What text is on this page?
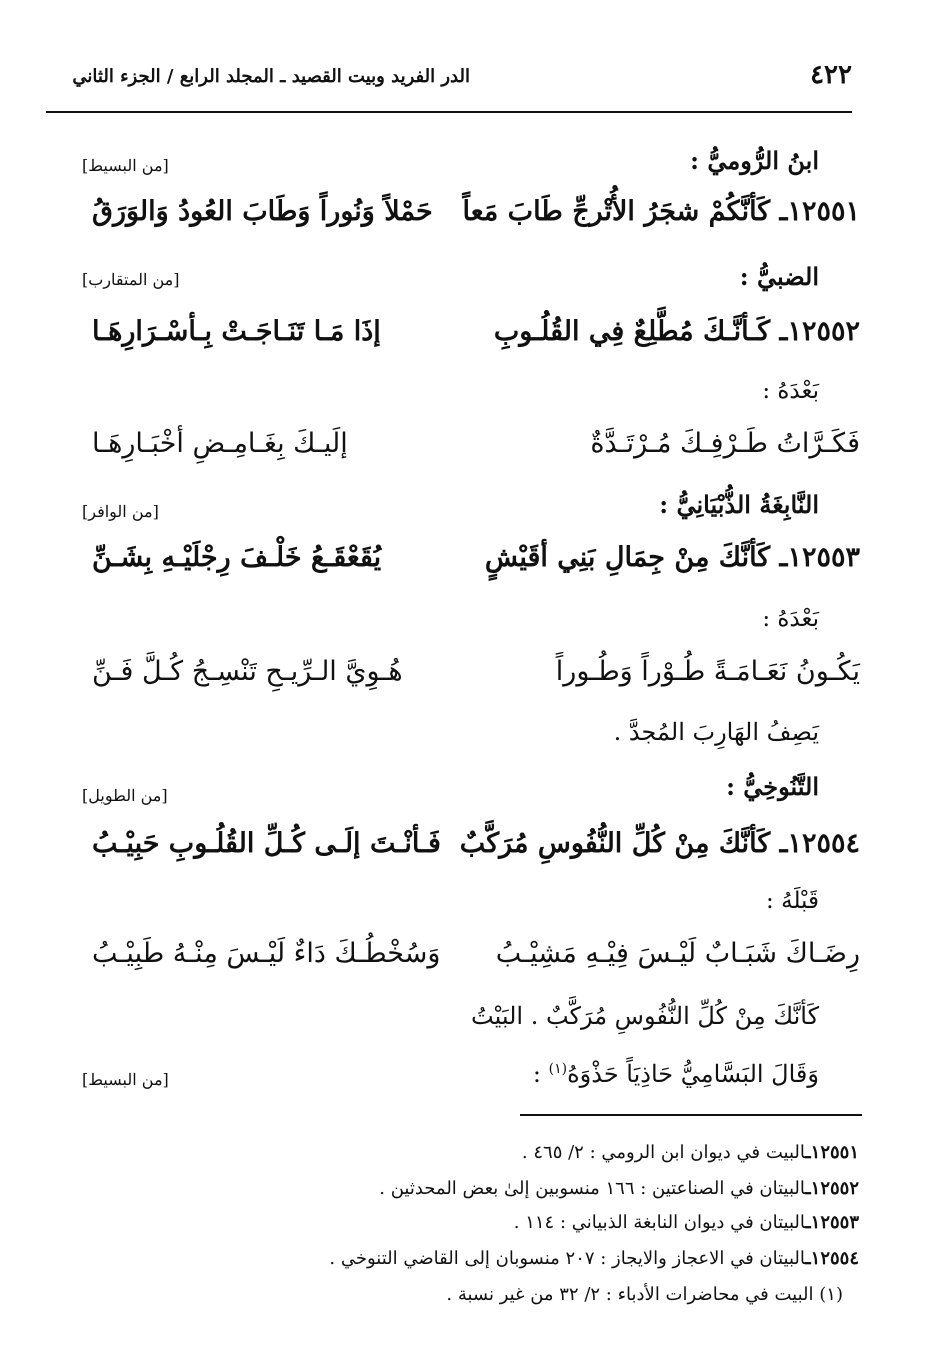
٤٢٢
الدر الفريد وبيت القصيد ـ المجلد الرابع / الجزء الثاني
ابنُ الرُّوميُّ :
[من البسيط]
١٢٥٥١ـ كَأنَّكُمْ شجَرُ الأُتْرجِّ طَابَ مَعاً
حَمْلاً وَنُوراً وَطَابَ العُودُ وَالوَرَقُ
الضبيُّ :
[من المتقارب]
١٢٥٥٢ـ كَـأنَّـكَ مُطَّلِعٌ فِي القُلُـوبِ
إذَا مَـا تَنَـاجَـتْ بِـأسْـرَارِهَـا
بَعْدَهُ :
فَكَـرَّاتُ طَـرْفِـكَ مُـرْتَـدَّةٌ
إلَيـكَ بِغَـامِـضِ أخْبَـارِهَـا
النَّابِغَةُ الذُّبْيَانِيُّ :
[من الوافر]
١٢٥٥٣ـ كَأنَّكَ مِنْ جِمَالِ بَنِي أقَيْشٍ
يُقَعْقَـعُ خَلْـفَ رِجْلَيْـهِ بِشَـنِّ
بَعْدَهُ :
يَكُـونُ نَعَـامَـةً طُـوْراً وَطُـوراً
هُـوِيَّ الـرِّيـحِ تَنْسِـجُ كُـلَّ فَـنِّ
يَصِفُ الهَارِبَ المُجدَّ .
التَّنُوخِيُّ :
[من الطويل]
١٢٥٥٤ـ كَأنَّكَ مِنْ كُلِّ النُّفُوسِ مُرَكَّبٌ
فَـأنْـتَ إلَـى كُـلِّ القُلُـوبِ حَبِيْـبُ
قَبْلَهُ :
رِضَـاكَ شَبَـابٌ لَيْـسَ فِيْـهِ مَشِيْـبُ
وَسُخْطُـكَ دَاءٌ لَيْـسَ مِنْـهُ طَبِيْـبُ
كَأنَّكَ مِنْ كُلِّ النُّفُوسِ مُرَكَّبٌ . البَيْتُ
وَقَالَ البَسَّامِيُّ حَاذِيَاً حَذْوَهُ$^{(١)}$ :
[من البسيط]
١٢٥٥١ـالبيت في ديوان ابن الرومي : ٢/ ٤٦٥ .
١٢٥٥٢ـالبيتان في الصناعتين : ١٦٦ منسوبين إلىٰ بعض المحدثين .
١٢٥٥٣ـالبيتان في ديوان النابغة الذبياني : ١١٤ .
١٢٥٥٤ـالبيتان في الاعجاز والايجاز : ٢٠٧ منسوبان إلى القاضي التنوخي .
(١) البيت في محاضرات الأدباء : ٢/ ٣٢ من غير نسبة .
